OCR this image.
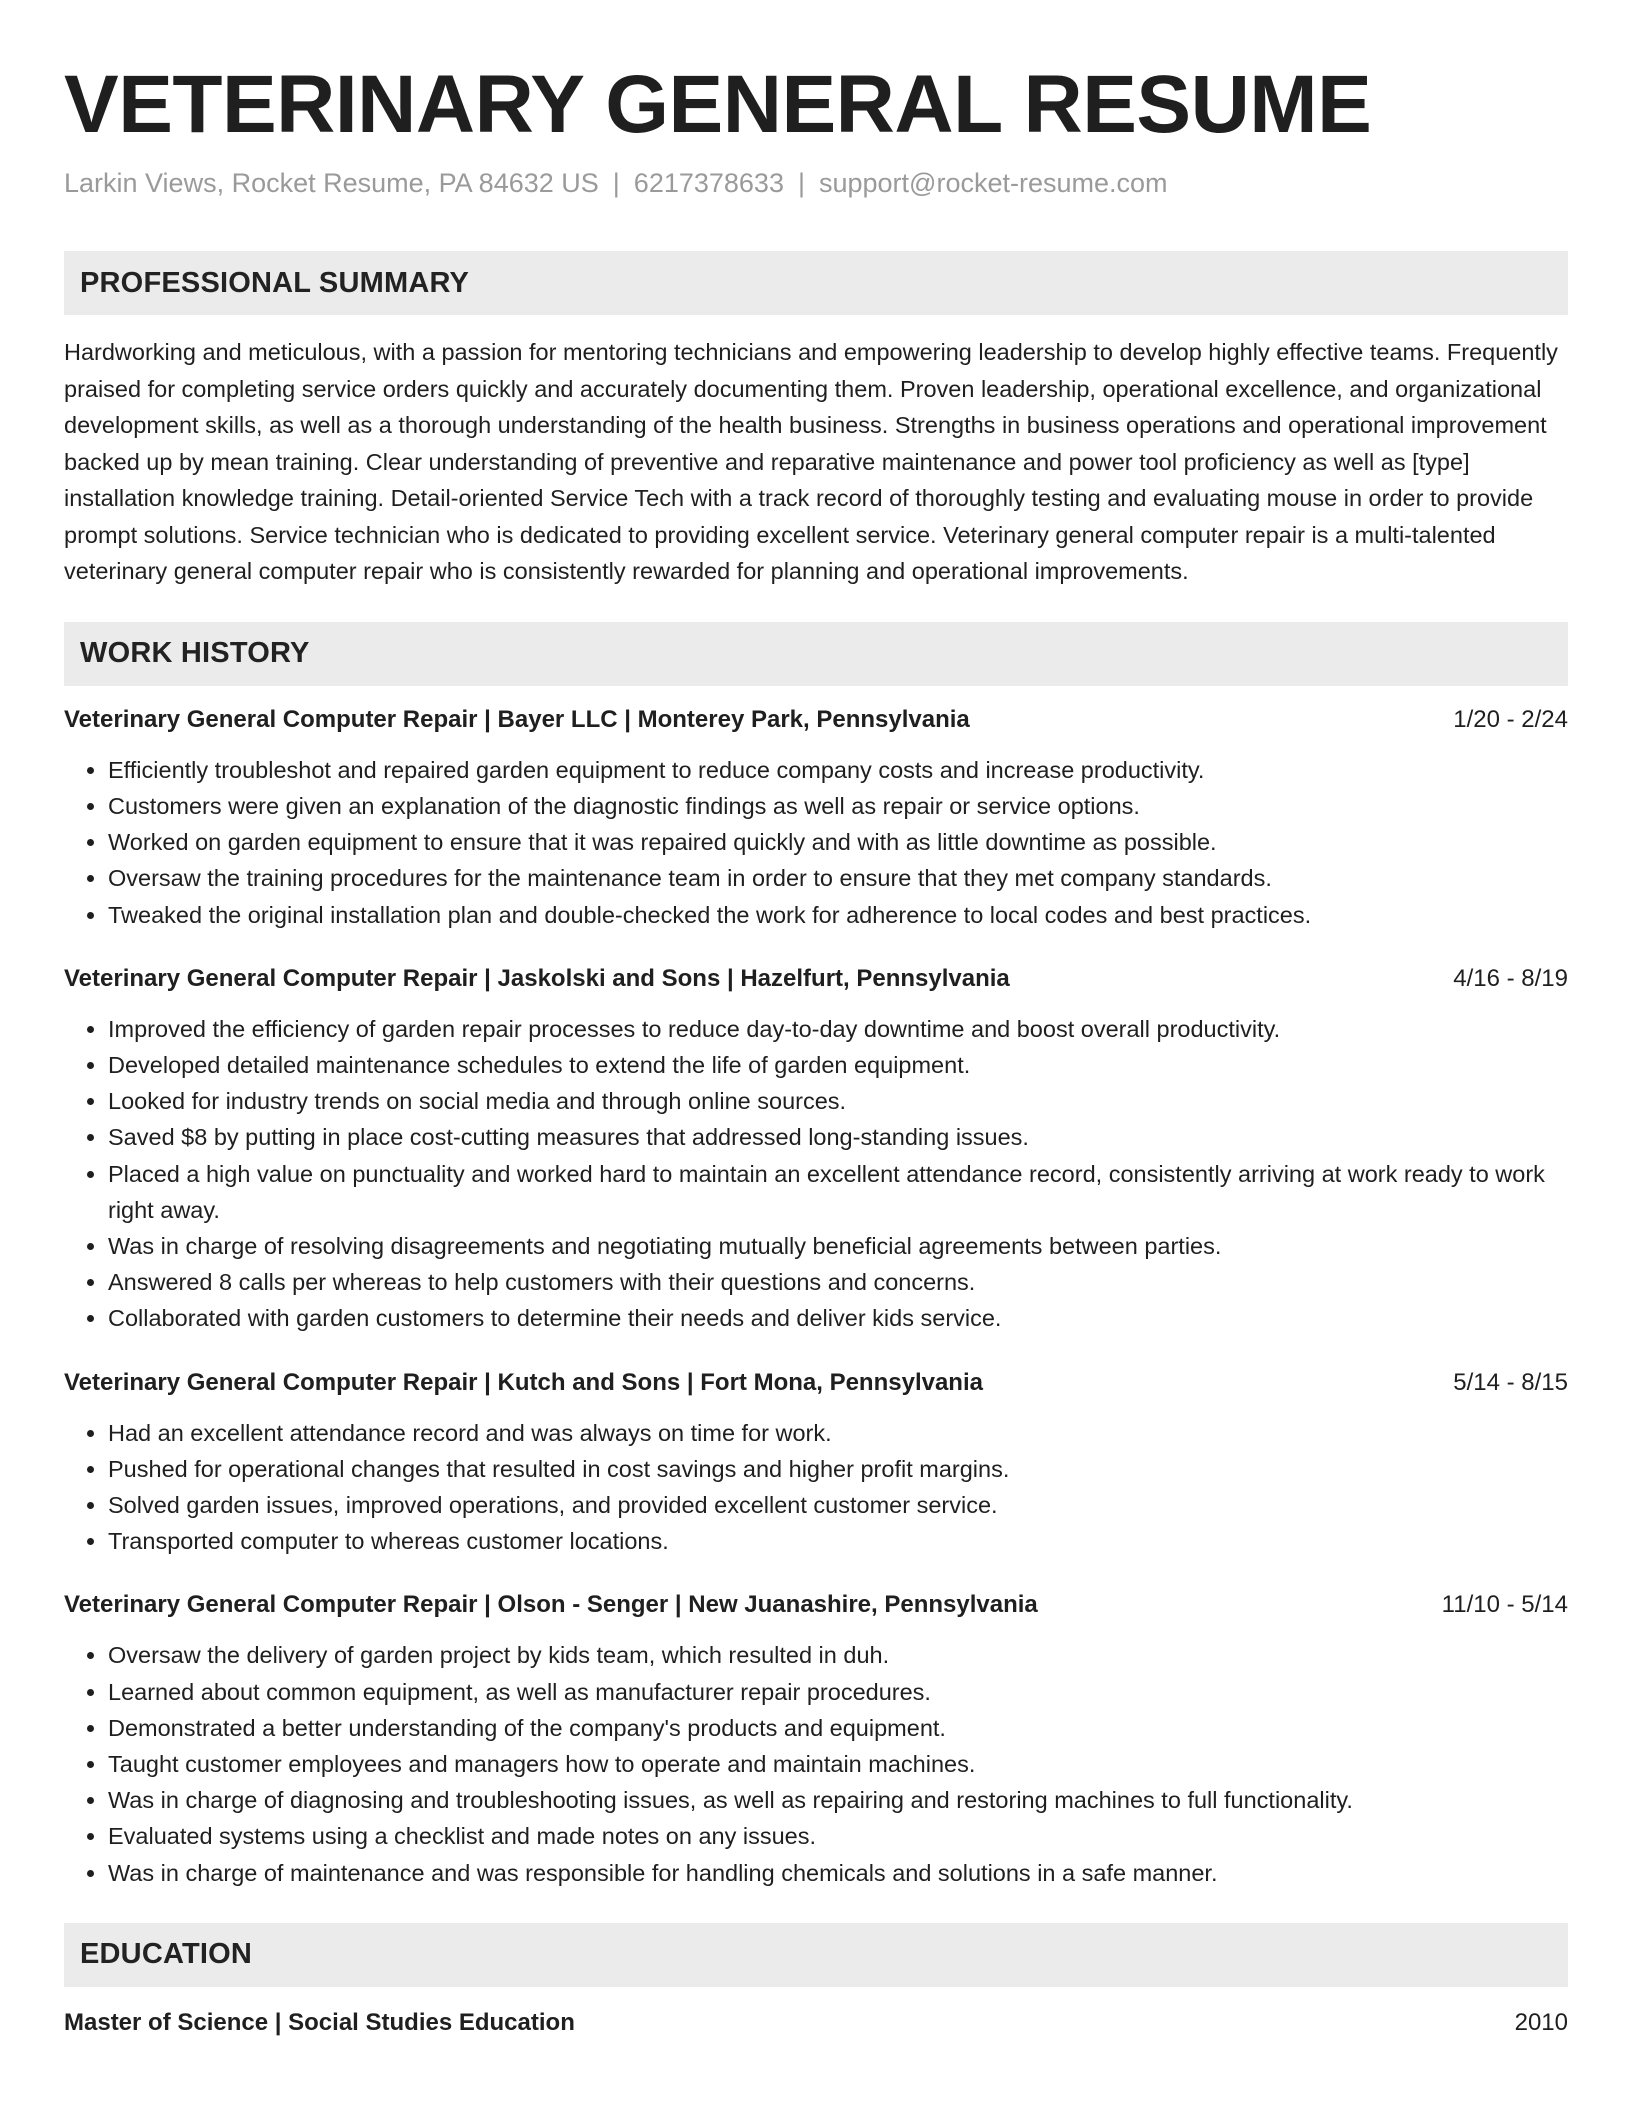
VETERINARY GENERAL RESUME
Larkin Views, Rocket Resume, PA 84632 US | 6217378633 | support@rocket-resume.com
PROFESSIONAL SUMMARY

Hardworking and meticulous, with a passion for mentoring technicians and empowering leadership to develop highly effective teams. Frequently praised for completing service orders quickly and accurately documenting them. Proven leadership, operational excellence, and organizational development skills, as well as a thorough understanding of the health business. Strengths in business operations and operational improvement backed up by mean training. Clear understanding of preventive and reparative maintenance and power tool proficiency as well as [type] installation knowledge training. Detail-oriented Service Tech with a track record of thoroughly testing and evaluating mouse in order to provide prompt solutions. Service technician who is dedicated to providing excellent service. Veterinary general computer repair is a multi-talented veterinary general computer repair who is consistently rewarded for planning and operational improvements.

WORK HISTORY
Veterinary General Computer Repair | Bayer LLC | Monterey Park, Pennsylvania	1/20 - 2/24
• Efficiently troubleshot and repaired garden equipment to reduce company costs and increase productivity.
• Customers were given an explanation of the diagnostic findings as well as repair or service options.
• Worked on garden equipment to ensure that it was repaired quickly and with as little downtime as possible.
• Oversaw the training procedures for the maintenance team in order to ensure that they met company standards.
• Tweaked the original installation plan and double-checked the work for adherence to local codes and best practices.
Veterinary General Computer Repair | Jaskolski and Sons | Hazelfurt, Pennsylvania	4/16 - 8/19
• Improved the efficiency of garden repair processes to reduce day-to-day downtime and boost overall productivity.
• Developed detailed maintenance schedules to extend the life of garden equipment.
• Looked for industry trends on social media and through online sources.
• Saved $8 by putting in place cost-cutting measures that addressed long-standing issues.
• Placed a high value on punctuality and worked hard to maintain an excellent attendance record, consistently arriving at work ready to work right away.
• Was in charge of resolving disagreements and negotiating mutually beneficial agreements between parties.
• Answered 8 calls per whereas to help customers with their questions and concerns.
• Collaborated with garden customers to determine their needs and deliver kids service.
Veterinary General Computer Repair | Kutch and Sons | Fort Mona, Pennsylvania	5/14 - 8/15
• Had an excellent attendance record and was always on time for work.
• Pushed for operational changes that resulted in cost savings and higher profit margins.
• Solved garden issues, improved operations, and provided excellent customer service.
• Transported computer to whereas customer locations.
Veterinary General Computer Repair | Olson - Senger | New Juanashire, Pennsylvania	11/10 - 5/14
• Oversaw the delivery of garden project by kids team, which resulted in duh.
• Learned about common equipment, as well as manufacturer repair procedures.
• Demonstrated a better understanding of the company's products and equipment.
• Taught customer employees and managers how to operate and maintain machines.
• Was in charge of diagnosing and troubleshooting issues, as well as repairing and restoring machines to full functionality.
• Evaluated systems using a checklist and made notes on any issues.
• Was in charge of maintenance and was responsible for handling chemicals and solutions in a safe manner.
EDUCATION
Master of Science | Social Studies Education	2010
